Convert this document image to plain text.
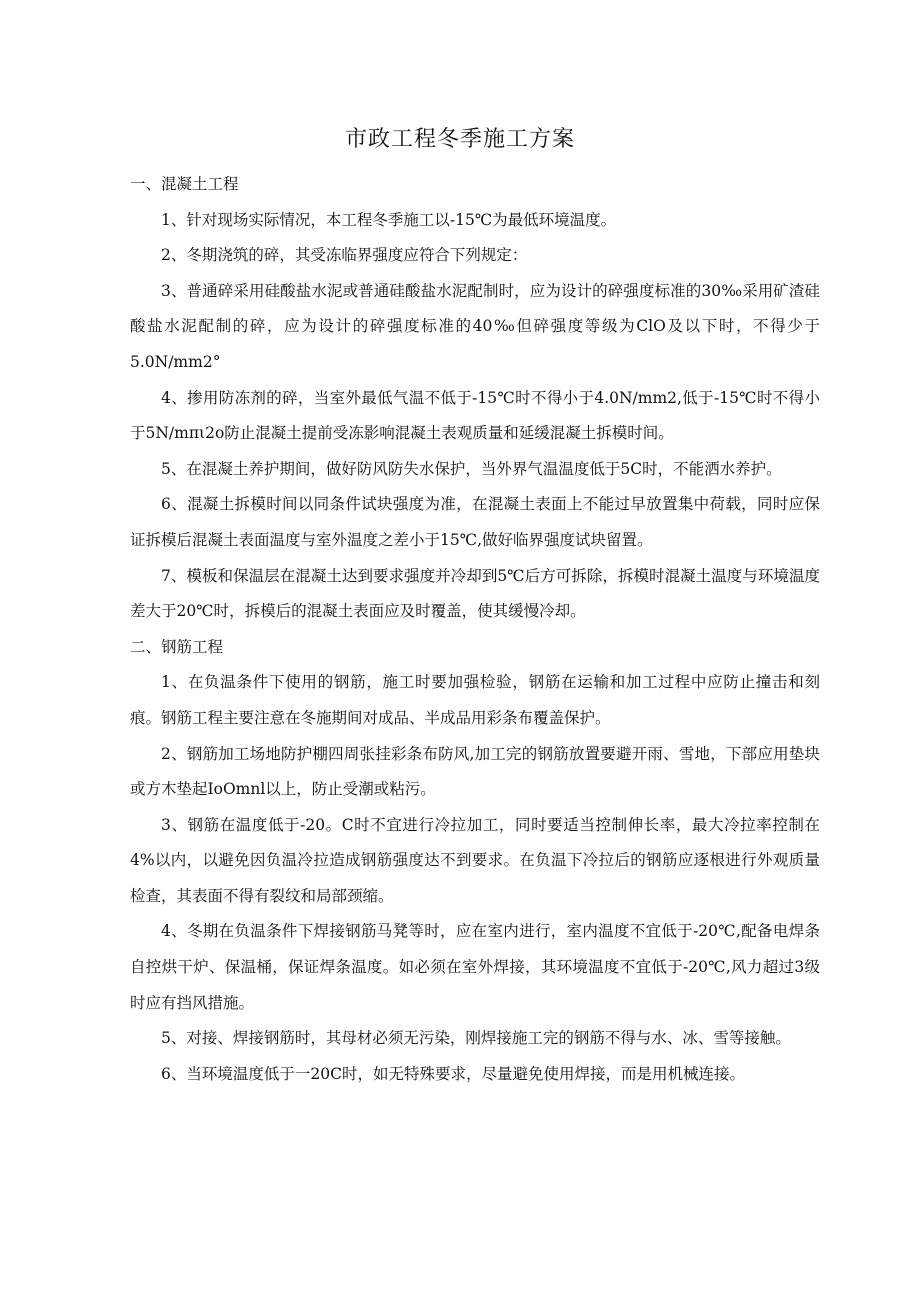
市政工程冬季施工方案

一、混凝土工程

1、针对现场实际情况，本工程冬季施工以-15℃为最低环境温度。

2、冬期浇筑的碎，其受冻临界强度应符合下列规定：

3、普通碎采用硅酸盐水泥或普通硅酸盐水泥配制时，应为设计的碎强度标准的30‰采用矿渣硅酸盐水泥配制的碎，应为设计的碎强度标准的40‰但碎强度等级为ClO及以下时，不得少于5.0N∕mm2°

4、掺用防冻剂的碎，当室外最低气温不低于-15℃时不得小于4.0N∕mm2,低于-15℃时不得小于5N∕mπι2o防止混凝土提前受冻影响混凝土表观质量和延缓混凝土拆模时间。

5、在混凝土养护期间，做好防风防失水保护，当外界气温温度低于5C时，不能洒水养护。

6、混凝土拆模时间以同条件试块强度为准，在混凝土表面上不能过早放置集中荷载，同时应保证拆模后混凝土表面温度与室外温度之差小于15℃,做好临界强度试块留置。

7、模板和保温层在混凝土达到要求强度并冷却到5℃后方可拆除，拆模时混凝土温度与环境温度差大于20℃时，拆模后的混凝土表面应及时覆盖，使其缓慢冷却。

二、钢筋工程

1、在负温条件下使用的钢筋，施工时要加强检验，钢筋在运输和加工过程中应防止撞击和刻痕。钢筋工程主要注意在冬施期间对成品、半成品用彩条布覆盖保护。

2、钢筋加工场地防护棚四周张挂彩条布防风,加工完的钢筋放置要避开雨、雪地，下部应用垫块或方木垫起IoOmnl以上，防止受潮或粘污。

3、钢筋在温度低于-20。C时不宜进行冷拉加工，同时要适当控制伸长率，最大冷拉率控制在4%以内，以避免因负温冷拉造成钢筋强度达不到要求。在负温下冷拉后的钢筋应逐根进行外观质量检查，其表面不得有裂纹和局部颈缩。

4、冬期在负温条件下焊接钢筋马凳等时，应在室内进行，室内温度不宜低于-20℃,配备电焊条自控烘干炉、保温桶，保证焊条温度。如必须在室外焊接，其环境温度不宜低于-20℃,风力超过3级时应有挡风措施。

5、对接、焊接钢筋时，其母材必须无污染，刚焊接施工完的钢筋不得与水、冰、雪等接触。

6、当环境温度低于一20C时，如无特殊要求，尽量避免使用焊接，而是用机械连接。
